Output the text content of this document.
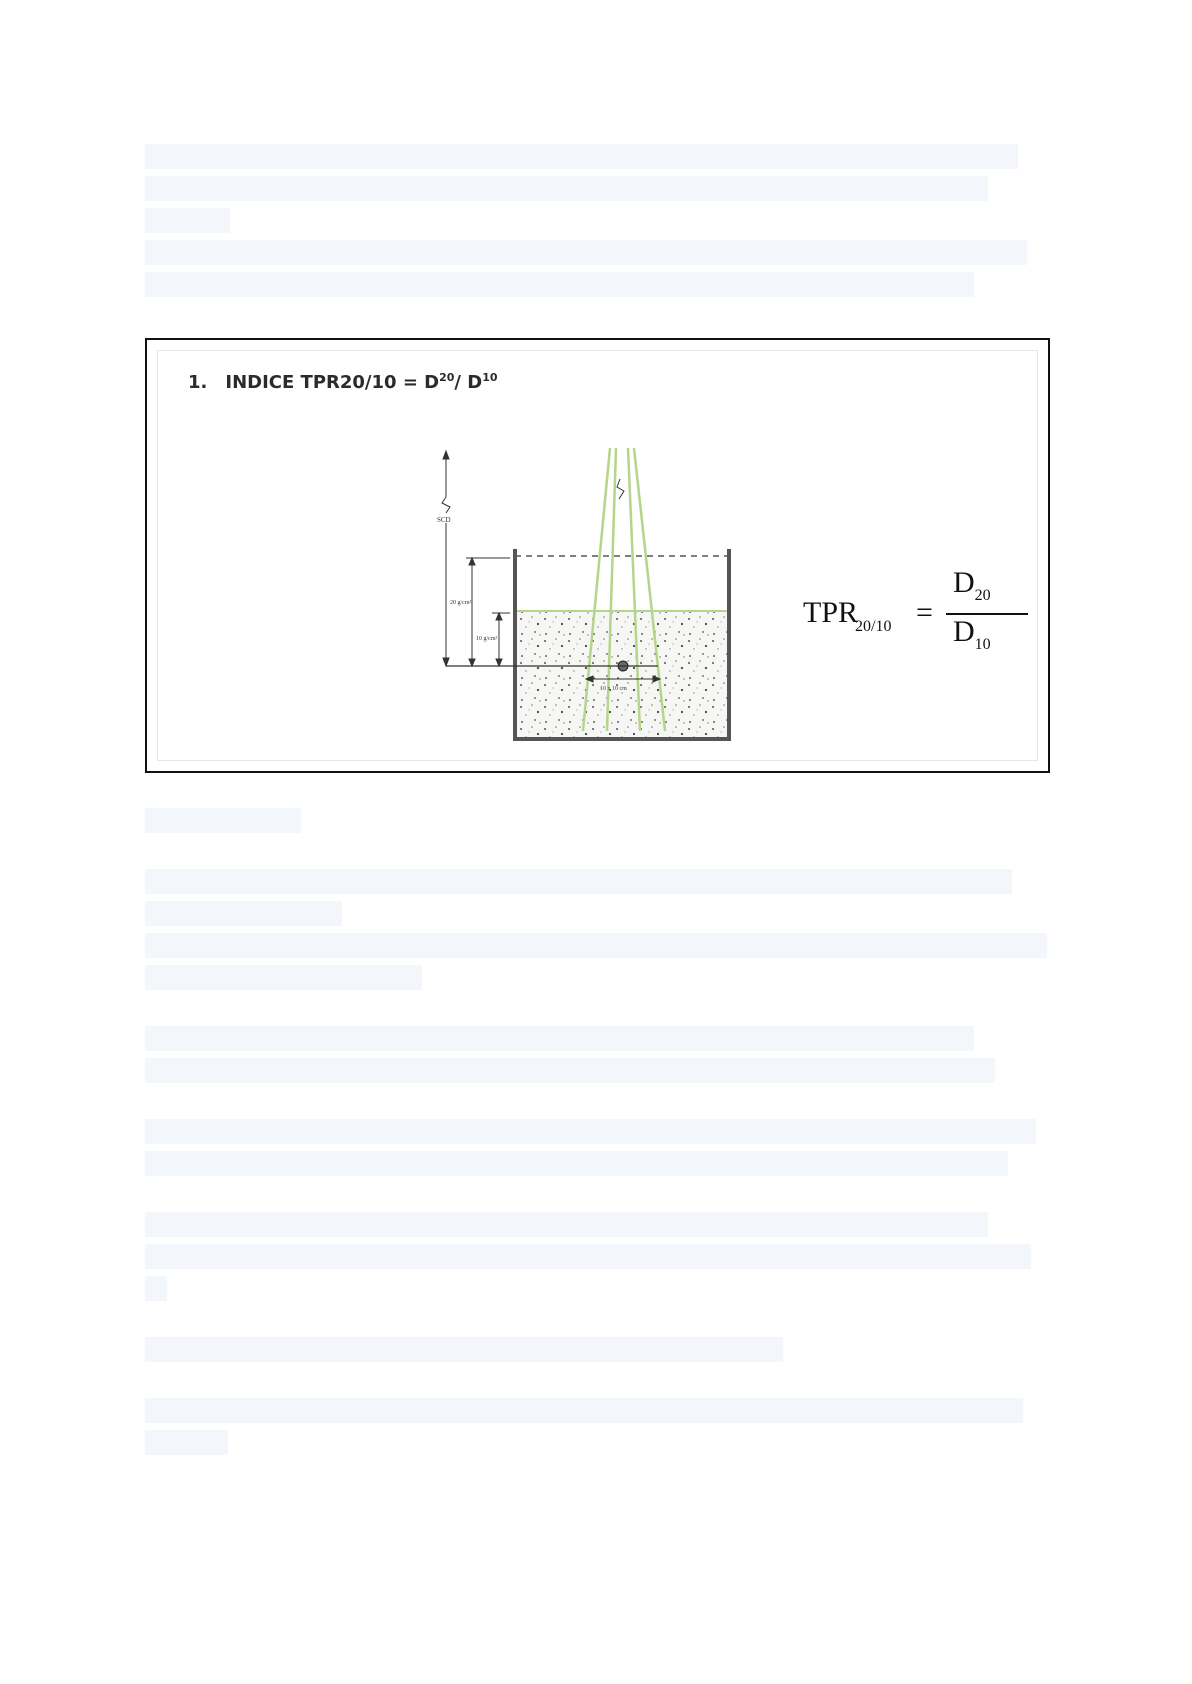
1. INDICE $TPR20/10 = D^{20}/$ $D^{10}$
10 x 10 cm
SCD
20 g/cm²
10 g/cm²
$TPR_{20/10}$ =
$D_{20}$
$D_{10}$
